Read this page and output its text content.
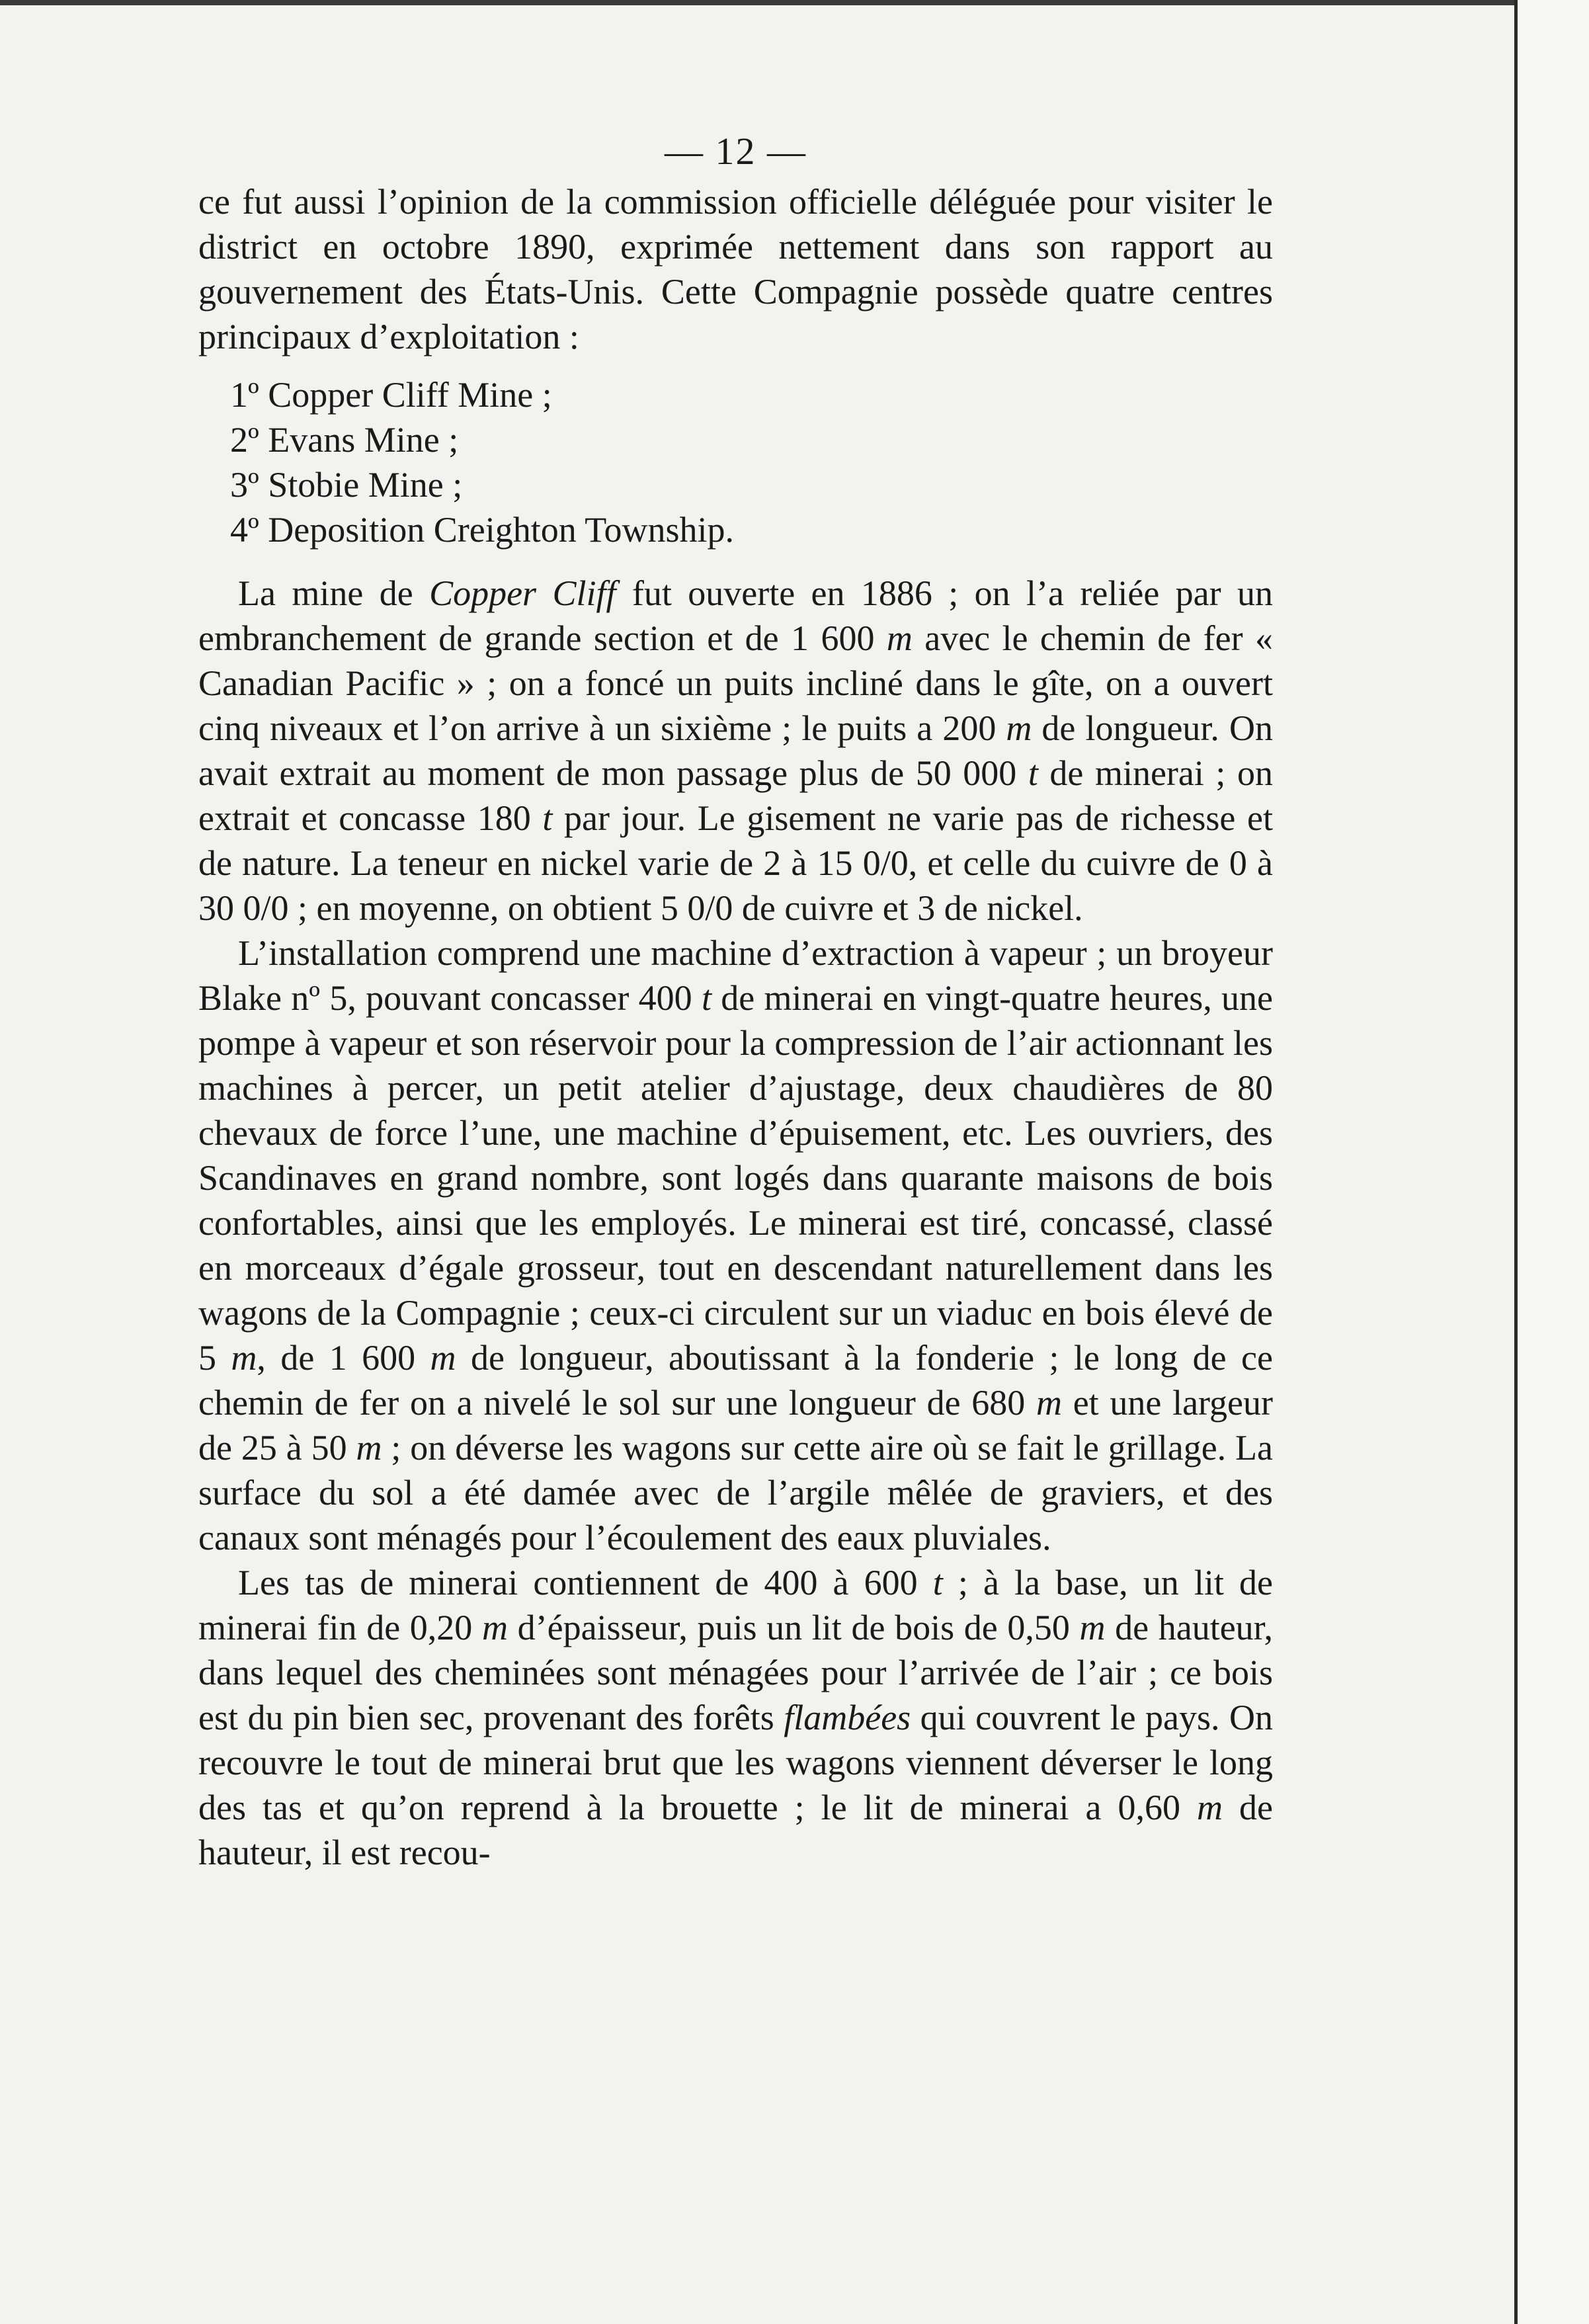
— 12 —

ce fut aussi l’opinion de la commission officielle déléguée pour visiter le district en octobre 1890, exprimée nettement dans son rapport au gouvernement des États-Unis. Cette Compagnie possède quatre centres principaux d’exploitation :

1º Copper Cliff Mine ;
2º Evans Mine ;
3º Stobie Mine ;
4º Deposition Creighton Township.

La mine de Copper Cliff fut ouverte en 1886 ; on l’a reliée par un embranchement de grande section et de 1 600 m avec le chemin de fer « Canadian Pacific » ; on a foncé un puits incliné dans le gîte, on a ouvert cinq niveaux et l’on arrive à un sixième ; le puits a 200 m de longueur. On avait extrait au moment de mon passage plus de 50 000 t de minerai ; on extrait et concasse 180 t par jour. Le gisement ne varie pas de richesse et de nature. La teneur en nickel varie de 2 à 15 0/0, et celle du cuivre de 0 à 30 0/0 ; en moyenne, on obtient 5 0/0 de cuivre et 3 de nickel.

L’installation comprend une machine d’extraction à vapeur ; un broyeur Blake nº 5, pouvant concasser 400 t de minerai en vingt-quatre heures, une pompe à vapeur et son réservoir pour la compression de l’air actionnant les machines à percer, un petit atelier d’ajustage, deux chaudières de 80 chevaux de force l’une, une machine d’épuisement, etc. Les ouvriers, des Scandinaves en grand nombre, sont logés dans quarante maisons de bois confortables, ainsi que les employés. Le minerai est tiré, concassé, classé en morceaux d’égale grosseur, tout en descendant naturellement dans les wagons de la Compagnie ; ceux-ci circulent sur un viaduc en bois élevé de 5 m, de 1 600 m de longueur, aboutissant à la fonderie ; le long de ce chemin de fer on a nivelé le sol sur une longueur de 680 m et une largeur de 25 à 50 m ; on déverse les wagons sur cette aire où se fait le grillage. La surface du sol a été damée avec de l’argile mêlée de graviers, et des canaux sont ménagés pour l’écoulement des eaux pluviales.

Les tas de minerai contiennent de 400 à 600 t ; à la base, un lit de minerai fin de 0,20 m d’épaisseur, puis un lit de bois de 0,50 m de hauteur, dans lequel des cheminées sont ménagées pour l’arrivée de l’air ; ce bois est du pin bien sec, provenant des forêts flambées qui couvrent le pays. On recouvre le tout de minerai brut que les wagons viennent déverser le long des tas et qu’on reprend à la brouette ; le lit de minerai a 0,60 m de hauteur, il est recou-
